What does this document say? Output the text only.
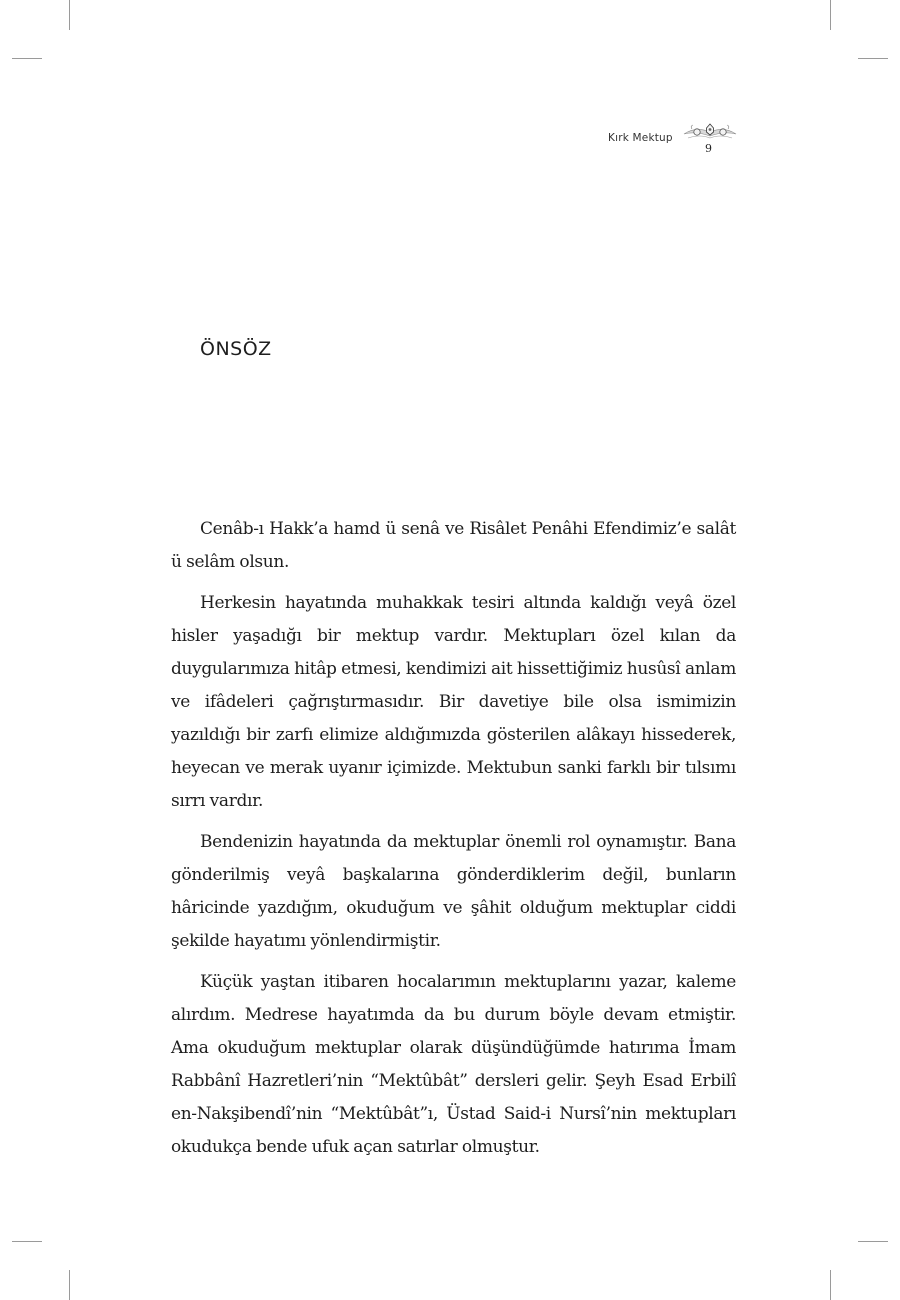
Kırk Mektup
9
ÖNSÖZ

Cenâb-ı Hakk’a hamd ü senâ ve Risâlet Penâhi Efendimiz’e salât ü selâm olsun.

Herkesin hayatında muhakkak tesiri altında kaldığı veyâ özel hisler yaşadığı bir mektup vardır. Mektupları özel kılan da duygularımıza hitâp etmesi, kendimizi ait hissettiğimiz husûsî anlam ve ifâdeleri çağrıştırmasıdır. Bir davetiye bile olsa ismimizin yazıldığı bir zarfı elimize aldığımızda gösterilen alâkayı hissederek, heyecan ve merak uyanır içimizde. Mektubun sanki farklı bir tılsımı sırrı vardır.

Bendenizin hayatında da mektuplar önemli rol oynamıştır. Bana gönderilmiş veyâ başkalarına gönderdiklerim değil, bunların hâricinde yazdığım, okuduğum ve şâhit olduğum mektuplar ciddi şekilde hayatımı yönlendirmiştir.

Küçük yaştan itibaren hocalarımın mektuplarını yazar, kaleme alırdım. Medrese hayatımda da bu durum böyle devam etmiştir. Ama okuduğum mektuplar olarak düşündüğümde hatırıma İmam Rabbânî Hazretleri’nin “Mektûbât” dersleri gelir. Şeyh Esad Erbilî en-Nakşibendî’nin “Mektûbât”ı, Üstad Said-i Nursî’nin mektupları okudukça bende ufuk açan satırlar olmuştur.
